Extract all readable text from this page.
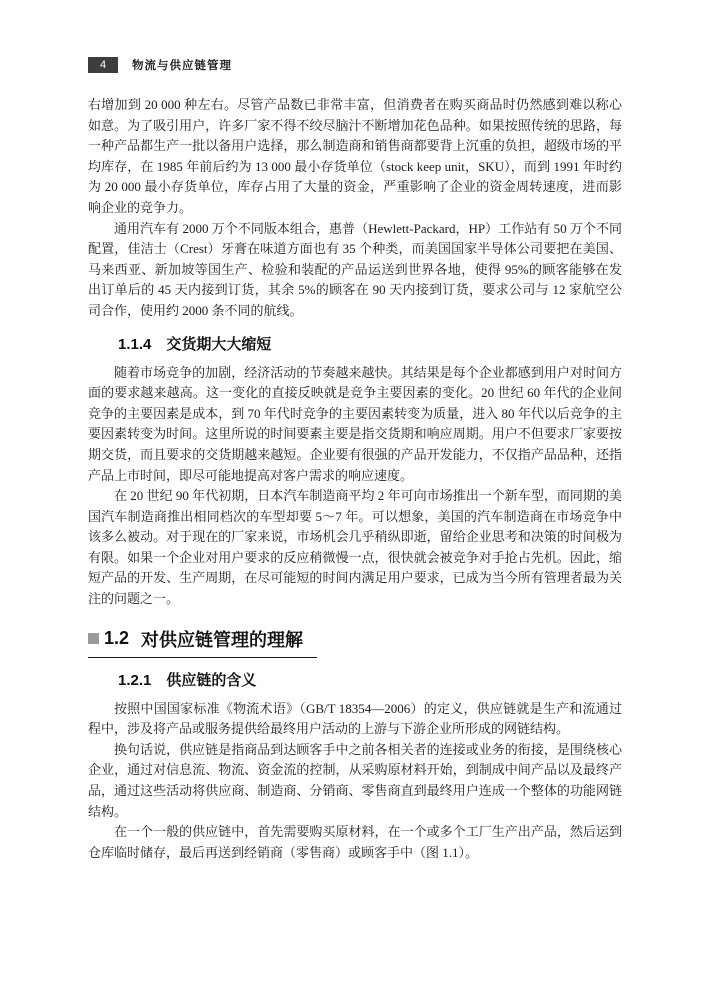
4 物流与供应链管理

右增加到 20 000 种左右。尽管产品数已非常丰富，但消费者在购买商品时仍然感到难以称心如意。为了吸引用户，许多厂家不得不绞尽脑汁不断增加花色品种。如果按照传统的思路，每一种产品都生产一批以备用户选择，那么制造商和销售商都要背上沉重的负担，超级市场的平均库存，在 1985 年前后约为 13 000 最小存货单位（stock keep unit，SKU），而到 1991 年时约为 20 000 最小存货单位，库存占用了大量的资金，严重影响了企业的资金周转速度，进而影响企业的竞争力。

通用汽车有 2000 万个不同版本组合，惠普（Hewlett-Packard，HP）工作站有 50 万个不同配置，佳洁士（Crest）牙膏在味道方面也有 35 个种类，而美国国家半导体公司要把在美国、马来西亚、新加坡等国生产、检验和装配的产品运送到世界各地，使得 95%的顾客能够在发出订单后的 45 天内接到订货，其余 5%的顾客在 90 天内接到订货，要求公司与 12 家航空公司合作，使用约 2000 条不同的航线。

1.1.4　交货期大大缩短

随着市场竞争的加剧，经济活动的节奏越来越快。其结果是每个企业都感到用户对时间方面的要求越来越高。这一变化的直接反映就是竞争主要因素的变化。20 世纪 60 年代的企业间竞争的主要因素是成本，到 70 年代时竞争的主要因素转变为质量，进入 80 年代以后竞争的主要因素转变为时间。这里所说的时间要素主要是指交货期和响应周期。用户不但要求厂家要按期交货，而且要求的交货期越来越短。企业要有很强的产品开发能力，不仅指产品品种，还指产品上市时间，即尽可能地提高对客户需求的响应速度。

在 20 世纪 90 年代初期，日本汽车制造商平均 2 年可向市场推出一个新车型，而同期的美国汽车制造商推出相同档次的车型却要 5～7 年。可以想象，美国的汽车制造商在市场竞争中该多么被动。对于现在的厂家来说，市场机会几乎稍纵即逝，留给企业思考和决策的时间极为有限。如果一个企业对用户要求的反应稍微慢一点，很快就会被竞争对手抢占先机。因此，缩短产品的开发、生产周期，在尽可能短的时间内满足用户要求，已成为当今所有管理者最为关注的问题之一。

1.2 对供应链管理的理解
1.2.1　供应链的含义

按照中国国家标准《物流术语》（GB/T 18354—2006）的定义，供应链就是生产和流通过程中，涉及将产品或服务提供给最终用户活动的上游与下游企业所形成的网链结构。

换句话说，供应链是指商品到达顾客手中之前各相关者的连接或业务的衔接，是围绕核心企业，通过对信息流、物流、资金流的控制，从采购原材料开始，到制成中间产品以及最终产品，通过这些活动将供应商、制造商、分销商、零售商直到最终用户连成一个整体的功能网链结构。

在一个一般的供应链中，首先需要购买原材料，在一个或多个工厂生产出产品，然后运到仓库临时储存，最后再送到经销商（零售商）或顾客手中（图 1.1）。
